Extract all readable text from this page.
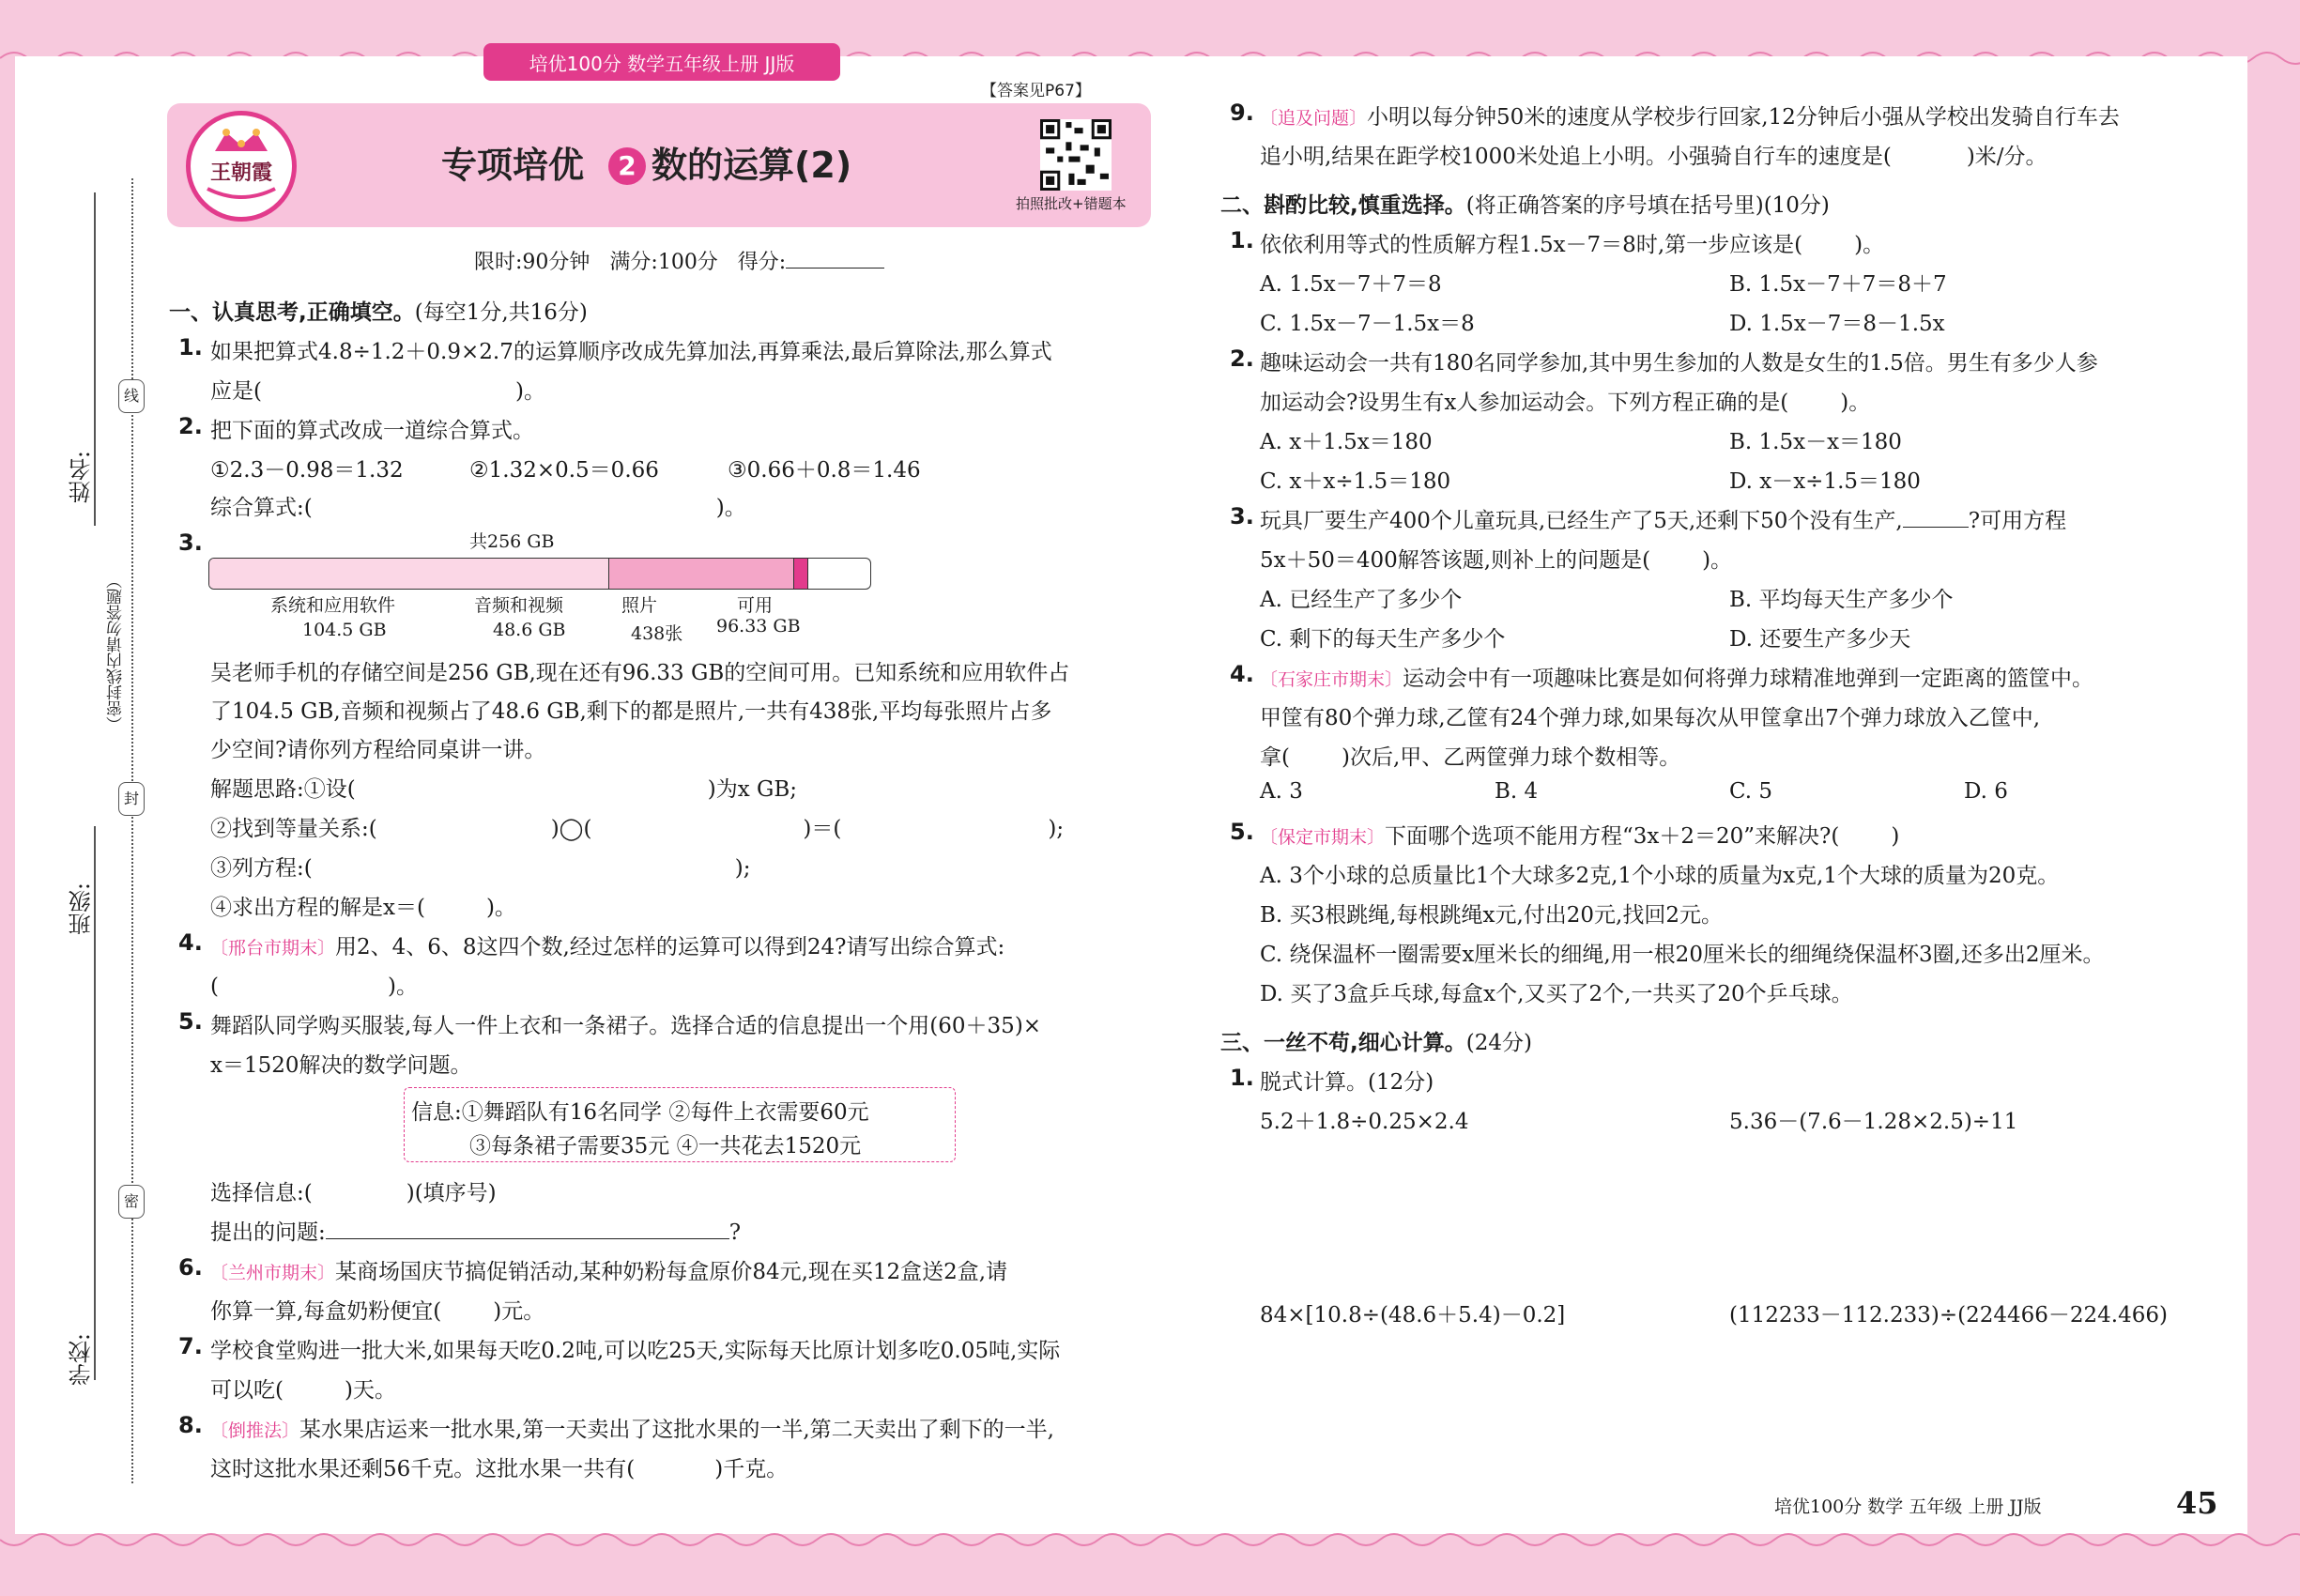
培优100分 数学五年级上册 JJ版
姓名:
班级:
学校:
线
封
密
（密封线内请勿答题）
【答案见P67】
王朝霞	专项培优 2 数的运算(2)
拍照批改+错题本
限时:90分钟 满分:100分 得分:
一、认真思考,正确填空。(每空1分,共16分)
1. 如果把算式4.8÷1.2＋0.9×2.7的运算顺序改成先算加法,再算乘法,最后算除法,那么算式
应是(	)。
2. 把下面的算式改成一道综合算式。
①2.3－0.98＝1.32	②1.32×0.5＝0.66	③0.66＋0.8＝1.46
综合算式:(	)。
3.	共256 GB
系统和应用软件	音频和视频	照片	可用
104.5 GB	48.6 GB	438张 96.33 GB
吴老师手机的存储空间是256 GB,现在还有96.33 GB的空间可用。已知系统和应用软件占
了104.5 GB,音频和视频占了48.6 GB,剩下的都是照片,一共有438张,平均每张照片占多
少空间?请你列方程给同桌讲一讲。
解题思路:①设(	)为x GB;
②找到等量关系:(	)◯(	)＝(	);
③列方程:(	);
④求出方程的解是x＝(	)。
4. 〔邢台市期末〕用2、4、6、8这四个数,经过怎样的运算可以得到24?请写出综合算式:
(	)。
5. 舞蹈队同学购买服装,每人一件上衣和一条裙子。选择合适的信息提出一个用(60＋35)×
x＝1520解决的数学问题。
信息:①舞蹈队有16名同学 ②每件上衣需要60元
③每条裙子需要35元 ④一共花去1520元
选择信息:(	)(填序号)
提出的问题:	?
6. 〔兰州市期末〕某商场国庆节搞促销活动,某种奶粉每盒原价84元,现在买12盒送2盒,请
你算一算,每盒奶粉便宜( )元。
7. 学校食堂购进一批大米,如果每天吃0.2吨,可以吃25天,实际每天比原计划多吃0.05吨,实际
可以吃(	)天。
8. 〔倒推法〕某水果店运来一批水果,第一天卖出了这批水果的一半,第二天卖出了剩下的一半,
这时这批水果还剩56千克。这批水果一共有(	)千克。
9. 〔追及问题〕小明以每分钟50米的速度从学校步行回家,12分钟后小强从学校出发骑自行车去
追小明,结果在距学校1000米处追上小明。小强骑自行车的速度是(	)米/分。
二、斟酌比较,慎重选择。(将正确答案的序号填在括号里)(10分)
1. 依依利用等式的性质解方程1.5x－7＝8时,第一步应该是( )。
A. 1.5x－7＋7＝8	B. 1.5x－7＋7＝8＋7
C. 1.5x－7－1.5x＝8	D. 1.5x－7＝8－1.5x
2. 趣味运动会一共有180名同学参加,其中男生参加的人数是女生的1.5倍。男生有多少人参
加运动会?设男生有x人参加运动会。下列方程正确的是( )。
A. x＋1.5x＝180	B. 1.5x－x＝180
C. x＋x÷1.5＝180	D. x－x÷1.5＝180
3. 玩具厂要生产400个儿童玩具,已经生产了5天,还剩下50个没有生产,	?可用方程
5x＋50＝400解答该题,则补上的问题是( )。
A. 已经生产了多少个	B. 平均每天生产多少个
C. 剩下的每天生产多少个	D. 还要生产多少天
4. 〔石家庄市期末〕运动会中有一项趣味比赛是如何将弹力球精准地弹到一定距离的篮筐中。
甲筐有80个弹力球,乙筐有24个弹力球,如果每次从甲筐拿出7个弹力球放入乙筐中,
拿( )次后,甲、乙两筐弹力球个数相等。
A. 3	B. 4	C. 5	D. 6
5. 〔保定市期末〕下面哪个选项不能用方程“3x＋2＝20”来解决?( )
A. 3个小球的总质量比1个大球多2克,1个小球的质量为x克,1个大球的质量为20克。
B. 买3根跳绳,每根跳绳x元,付出20元,找回2元。
C. 绕保温杯一圈需要x厘米长的细绳,用一根20厘米长的细绳绕保温杯3圈,还多出2厘米。
D. 买了3盒乒乓球,每盒x个,又买了2个,一共买了20个乒乓球。
三、一丝不苟,细心计算。(24分)
1. 脱式计算。(12分)
5.2＋1.8÷0.25×2.4	5.36－(7.6－1.28×2.5)÷11
84×[10.8÷(48.6＋5.4)－0.2]	(112233－112.233)÷(224466－224.466)
培优100分 数学 五年级 上册 JJ版	45
